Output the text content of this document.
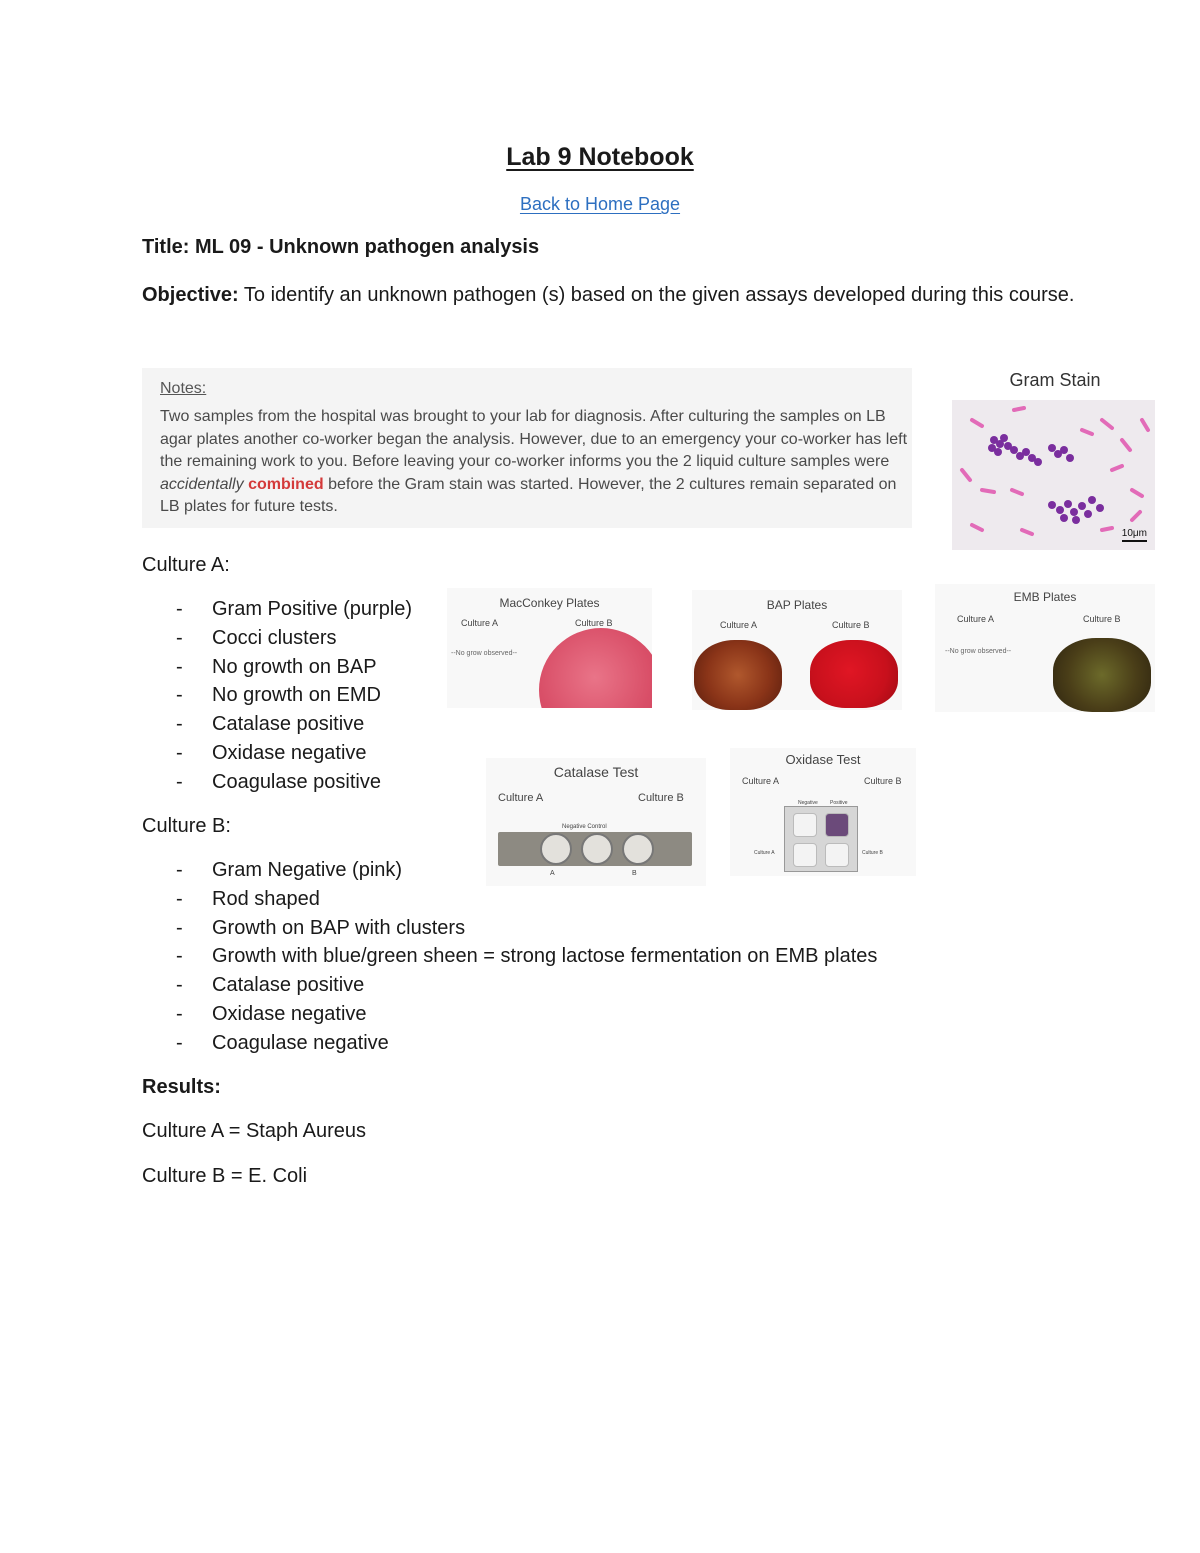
Lab 9 Notebook
Back to Home Page
Title: ML 09 - Unknown pathogen analysis
Objective: To identify an unknown pathogen (s) based on the given assays developed during this course.
Notes:
Two samples from the hospital was brought to your lab for diagnosis. After culturing the samples on LB agar plates another co-worker began the analysis. However, due to an emergency your co-worker has left the remaining work to you. Before leaving your co-worker informs you the 2 liquid culture samples were accidentally combined before the Gram stain was started. However, the 2 cultures remain separated on LB plates for future tests.
Gram Stain
10μm
Culture A:
- Gram Positive (purple)
- Cocci clusters
- No growth on BAP
- No growth on EMD
- Catalase positive
- Oxidase negative
- Coagulase positive
MacConkey Plates
Culture A	Culture B
--No grow observed--
BAP Plates
Culture A	Culture B
EMB Plates
Culture A	Culture B
--No grow observed--
Catalase Test
Culture A	Culture B
Negative Control
A	B
Oxidase Test
Culture A	Culture B
Negative Positive
Culture A	Culture B
Culture B:
- Gram Negative (pink)
- Rod shaped
- Growth on BAP with clusters
- Growth with blue/green sheen = strong lactose fermentation on EMB plates
- Catalase positive
- Oxidase negative
- Coagulase negative
Results:
Culture A = Staph Aureus
Culture B = E. Coli
